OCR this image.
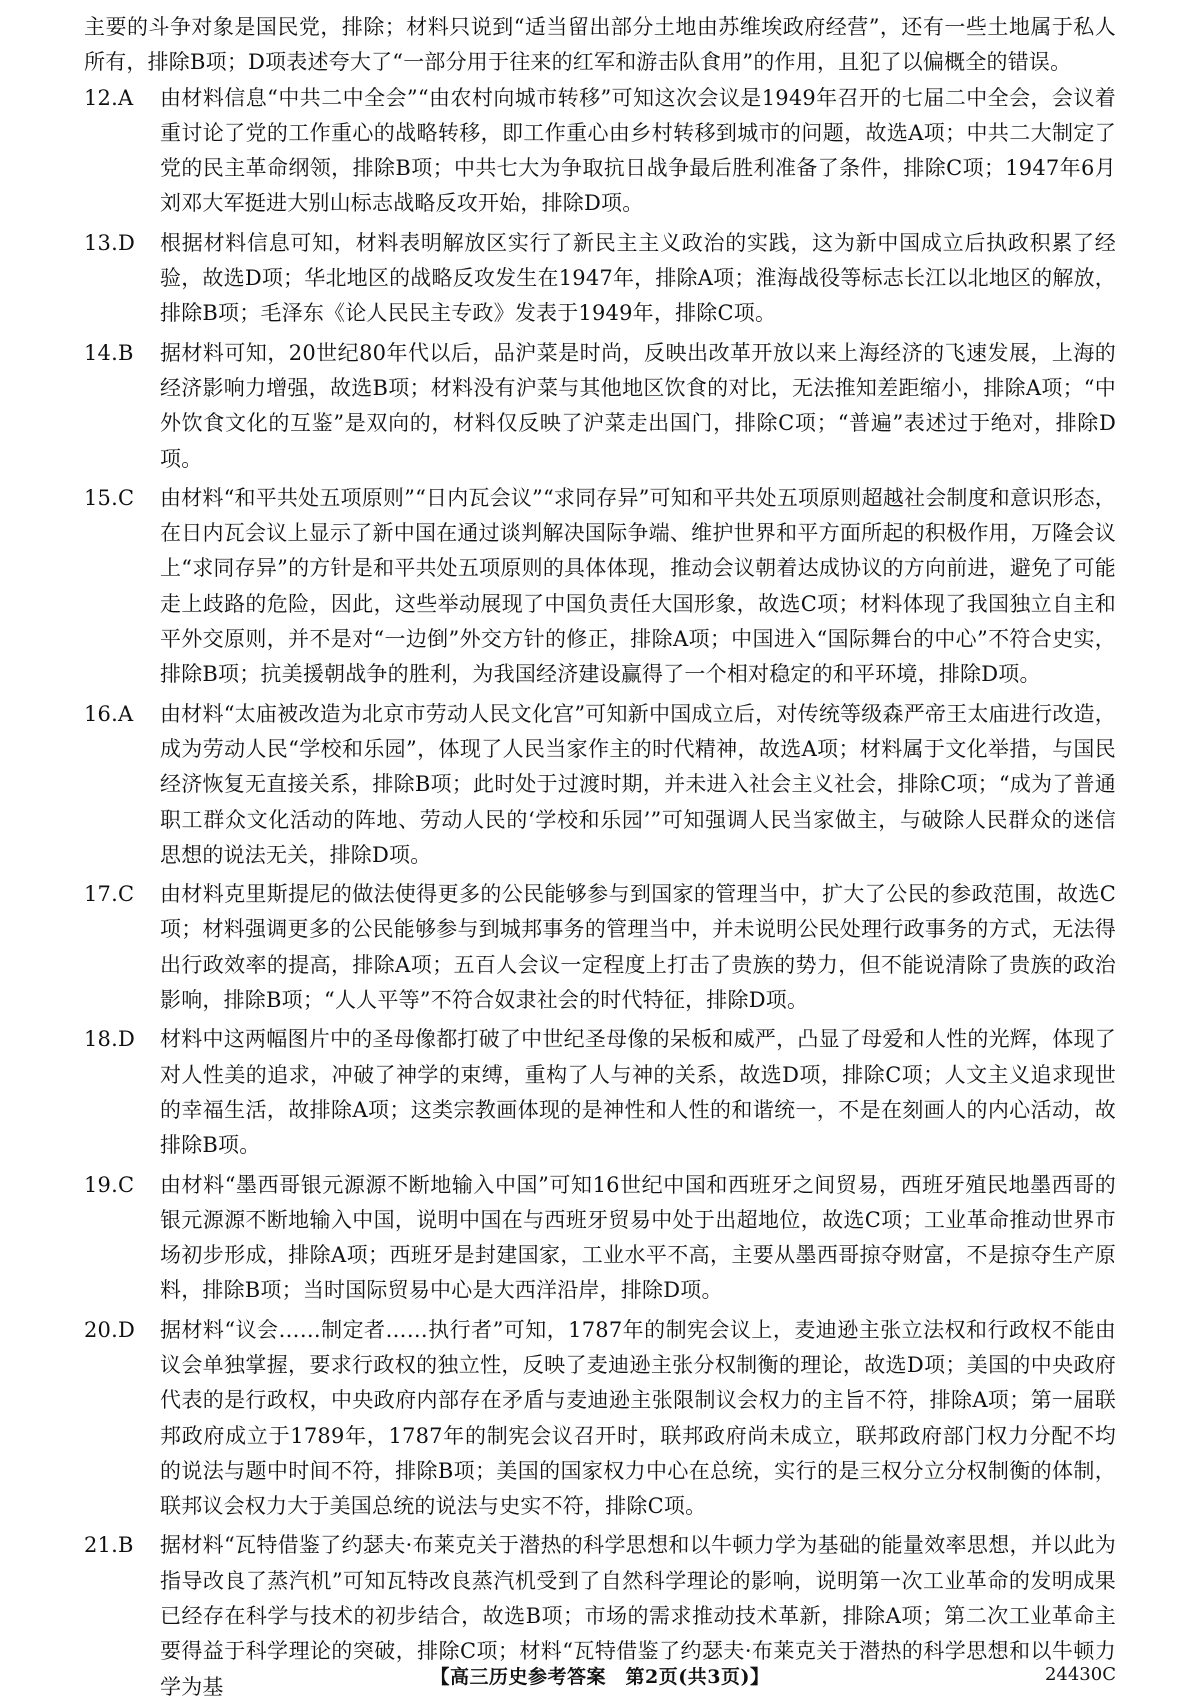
主要的斗争对象是国民党，排除；材料只说到“适当留出部分土地由苏维埃政府经营”，还有一些土地属于私人所有，排除B项；D项表述夸大了“一部分用于往来的红军和游击队食用”的作用，且犯了以偏概全的错误。

12.A	由材料信息“中共二中全会”“由农村向城市转移”可知这次会议是1949年召开的七届二中全会，会议着重讨论了党的工作重心的战略转移，即工作重心由乡村转移到城市的问题，故选A项；中共二大制定了党的民主革命纲领，排除B项；中共七大为争取抗日战争最后胜利准备了条件，排除C项；1947年6月刘邓大军挺进大别山标志战略反攻开始，排除D项。
13.D	根据材料信息可知，材料表明解放区实行了新民主主义政治的实践，这为新中国成立后执政积累了经验，故选D项；华北地区的战略反攻发生在1947年，排除A项；淮海战役等标志长江以北地区的解放，排除B项；毛泽东《论人民民主专政》发表于1949年，排除C项。
14.B	据材料可知，20世纪80年代以后，品沪菜是时尚，反映出改革开放以来上海经济的飞速发展，上海的经济影响力增强，故选B项；材料没有沪菜与其他地区饮食的对比，无法推知差距缩小，排除A项；“中外饮食文化的互鉴”是双向的，材料仅反映了沪菜走出国门，排除C项；“普遍”表述过于绝对，排除D项。
15.C	由材料“和平共处五项原则”“日内瓦会议”“求同存异”可知和平共处五项原则超越社会制度和意识形态，在日内瓦会议上显示了新中国在通过谈判解决国际争端、维护世界和平方面所起的积极作用，万隆会议上“求同存异”的方针是和平共处五项原则的具体体现，推动会议朝着达成协议的方向前进，避免了可能走上歧路的危险，因此，这些举动展现了中国负责任大国形象，故选C项；材料体现了我国独立自主和平外交原则，并不是对“一边倒”外交方针的修正，排除A项；中国进入“国际舞台的中心”不符合史实，排除B项；抗美援朝战争的胜利，为我国经济建设赢得了一个相对稳定的和平环境，排除D项。
16.A	由材料“太庙被改造为北京市劳动人民文化宫”可知新中国成立后，对传统等级森严帝王太庙进行改造，成为劳动人民“学校和乐园”，体现了人民当家作主的时代精神，故选A项；材料属于文化举措，与国民经济恢复无直接关系，排除B项；此时处于过渡时期，并未进入社会主义社会，排除C项；“成为了普通职工群众文化活动的阵地、劳动人民的‘学校和乐园’”可知强调人民当家做主，与破除人民群众的迷信思想的说法无关，排除D项。
17.C	由材料克里斯提尼的做法使得更多的公民能够参与到国家的管理当中，扩大了公民的参政范围，故选C项；材料强调更多的公民能够参与到城邦事务的管理当中，并未说明公民处理行政事务的方式，无法得出行政效率的提高，排除A项；五百人会议一定程度上打击了贵族的势力，但不能说清除了贵族的政治影响，排除B项；“人人平等”不符合奴隶社会的时代特征，排除D项。
18.D	材料中这两幅图片中的圣母像都打破了中世纪圣母像的呆板和威严，凸显了母爱和人性的光辉，体现了对人性美的追求，冲破了神学的束缚，重构了人与神的关系，故选D项，排除C项；人文主义追求现世的幸福生活，故排除A项；这类宗教画体现的是神性和人性的和谐统一，不是在刻画人的内心活动，故排除B项。
19.C	由材料“墨西哥银元源源不断地输入中国”可知16世纪中国和西班牙之间贸易，西班牙殖民地墨西哥的银元源源不断地输入中国，说明中国在与西班牙贸易中处于出超地位，故选C项；工业革命推动世界市场初步形成，排除A项；西班牙是封建国家，工业水平不高，主要从墨西哥掠夺财富，不是掠夺生产原料，排除B项；当时国际贸易中心是大西洋沿岸，排除D项。
20.D	据材料“议会……制定者……执行者”可知，1787年的制宪会议上，麦迪逊主张立法权和行政权不能由议会单独掌握，要求行政权的独立性，反映了麦迪逊主张分权制衡的理论，故选D项；美国的中央政府代表的是行政权，中央政府内部存在矛盾与麦迪逊主张限制议会权力的主旨不符，排除A项；第一届联邦政府成立于1789年，1787年的制宪会议召开时，联邦政府尚未成立，联邦政府部门权力分配不均的说法与题中时间不符，排除B项；美国的国家权力中心在总统，实行的是三权分立分权制衡的体制，联邦议会权力大于美国总统的说法与史实不符，排除C项。
21.B	据材料“瓦特借鉴了约瑟夫·布莱克关于潜热的科学思想和以牛顿力学为基础的能量效率思想，并以此为指导改良了蒸汽机”可知瓦特改良蒸汽机受到了自然科学理论的影响，说明第一次工业革命的发明成果已经存在科学与技术的初步结合，故选B项；市场的需求推动技术革新，排除A项；第二次工业革命主要得益于科学理论的突破，排除C项；材料“瓦特借鉴了约瑟夫·布莱克关于潜热的科学思想和以牛顿力学为基	【高三历史参考答案　第2页(共3页)】	24430C
